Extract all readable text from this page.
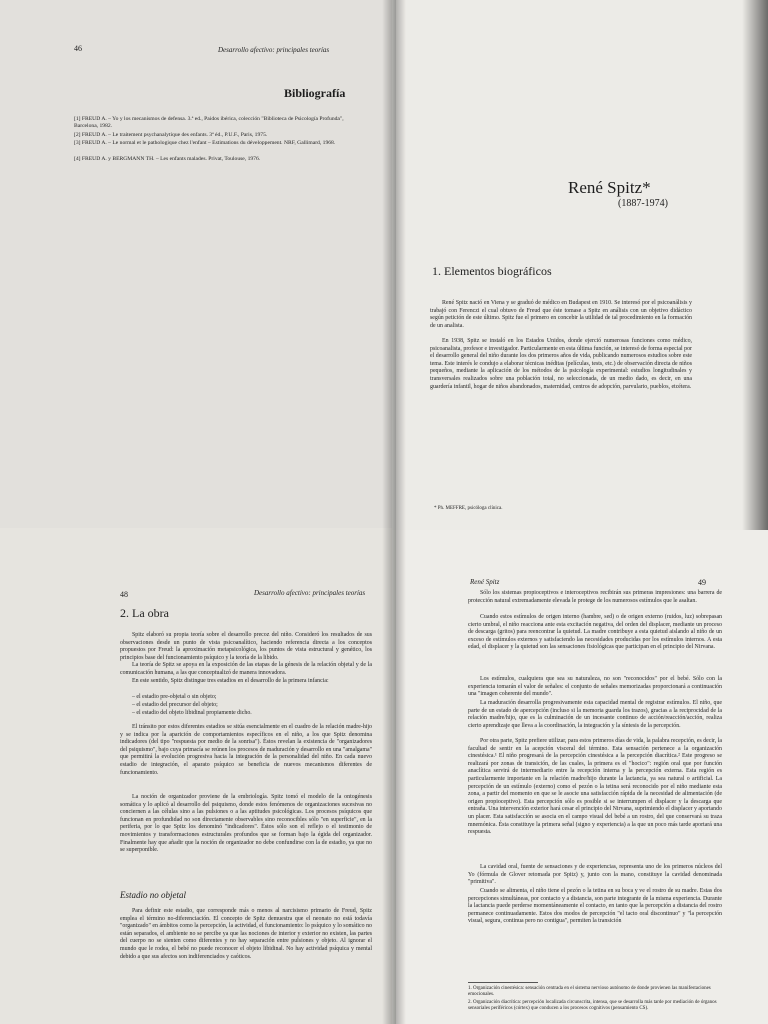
46	Desarrollo afectivo: principales teorías
Bibliografía
[1] FREUD A. – Yo y los mecanismos de defensa. 3.ª ed., Paidos ibérica, colección "Biblioteca de Psicología Profunda", Barcelona, 1982.
[2] FREUD A. – Le traitement psychanalytique des enfants. 3ª éd., P.U.F., Paris, 1975.
[3] FREUD A. – Le normal et le pathologique chez l'enfant – Estimations du développement. NRF, Gallimard, 1968.
[4] FREUD A. y BERGMANN TH. – Les enfants malades. Privat, Toulouse, 1976.
René Spitz*
(1887-1974)
1. Elementos biográficos

René Spitz nació en Viena y se graduó de médico en Budapest en 1910. Se interesó por el psicoanálisis y trabajó con Ferenczi el cual obtuvo de Freud que éste tomase a Spitz en análisis con un objetivo didáctico según petición de este último. Spitz fue el primero en concebir la utilidad de tal procedimiento en la formación de un analista.

En 1938, Spitz se instaló en los Estados Unidos, donde ejerció numerosas funciones como médico, psicoanalista, profesor e investigador. Particularmente en esta última función, se interesó de forma especial por el desarrollo general del niño durante los dos primeros años de vida, publicando numerosos estudios sobre este tema. Este interés le condujo a elaborar técnicas inéditas (películas, tests, etc.) de observación directa de niños pequeños, mediante la aplicación de los métodos de la psicología experimental: estudios longitudinales y transversales realizados sobre una población total, no seleccionada, de un medio dado, es decir, en una guardería infantil, hogar de niños abandonados, maternidad, centros de adopción, parvulario, pueblos, etcétera.

* Ph. MEFFRE, psicóloga clínica.
48	Desarrollo afectivo: principales teorías
2. La obra

Spitz elaboró su propia teoría sobre el desarrollo precoz del niño. Consideró los resultados de sus observaciones desde un punto de vista psicoanalítico, haciendo referencia directa a los conceptos propuestos por Freud: la aproximación metapsicológica, los puntos de vista estructural y genético, los principios base del funcionamiento psíquico y la teoría de la libido.

La teoría de Spitz se apoya en la exposición de las etapas de la génesis de la relación objetal y de la comunicación humana, a las que conceptualizó de manera innovadora.

En este sentido, Spitz distingue tres estadios en el desarrollo de la primera infancia:

– el estadio pre-objetal o sin objeto;
– el estadio del precursor del objeto;
– el estadio del objeto libidinal propiamente dicho.

El tránsito por estos diferentes estadios se sitúa esencialmente en el cuadro de la relación madre-hijo y se indica por la aparición de comportamientos específicos en el niño, a los que Spitz denomina indicadores (del tipo "respuesta por medio de la sonrisa"). Éstos revelan la existencia de "organizadores del psiquismo", bajo cuya primacía se reúnen los procesos de maduración y desarrollo en una "amalgama" que permitirá la evolución progresiva hacia la integración de la personalidad del niño. En cada nuevo estadio de integración, el aparato psíquico se beneficia de nuevos mecanismos diferentes de funcionamiento.

La noción de organizador proviene de la embriología. Spitz tomó el modelo de la ontogénesis somática y lo aplicó al desarrollo del psiquismo, donde estos fenómenos de organizaciones sucesivas no conciernen a las células sino a las pulsiones o a las aptitudes psicológicas. Los procesos psíquicos que funcionan en profundidad no son directamente observables sino reconocibles sólo "en superficie", en la periferia, por lo que Spitz los denominó "indicadores". Éstos sólo son el reflejo o el testimonio de movimientos y transformaciones estructurales profundos que se forman bajo la égida del organizador. Finalmente hay que añadir que la noción de organizador no debe confundirse con la de estadio, ya que no se superponible.

Estadio no objetal

Para definir este estadio, que corresponde más o menos al narcisismo primario de Freud, Spitz emplea el término no-diferenciación. El concepto de Spitz demuestra que el neonato no está todavía "organizado" en ámbitos como la percepción, la actividad, el funcionamiento: lo psíquico y lo somático no están separados, el ambiente no se percibe ya que las nociones de interior y exterior no existen, las partes del cuerpo no se sienten como diferentes y no hay separación entre pulsiones y objeto. Al ignorar el mundo que le rodea, el bebé no puede reconocer el objeto libidinal. No hay actividad psíquica y mental debido a que sus afectos son indiferenciados y caóticos.

René Spitz	49

Sólo los sistemas propioceptivos e interoceptivos recibirán sus primeras impresiones: una barrera de protección natural extremadamente elevada le protege de los numerosos estímulos que le asaltan.

Cuando estos estímulos de origen interno (hambre, sed) o de origen externo (ruidos, luz) sobrepasan cierto umbral, el niño reacciona ante esta excitación negativa, del orden del displacer, mediante un proceso de descarga (gritos) para reencontrar la quietud. La madre contribuye a esta quietud aislando al niño de un exceso de estímulos externos y satisfaciendo las necesidades producidas por los estímulos internos. A esta edad, el displacer y la quietud son las sensaciones fisiológicas que participan en el principio del Nirvana.

Los estímulos, cualquiera que sea su naturaleza, no son "reconocidos" por el bebé. Sólo con la experiencia tomarán el valor de señales: el conjunto de señales memorizadas proporcionará a continuación una "imagen coherente del mundo".

La maduración desarrolla progresivamente esta capacidad mental de registrar estímulos. El niño, que parte de un estado de apercepción (incluso si la memoria guarda los trazos), gracias a la reciprocidad de la relación madre/hijo, que es la culminación de un incesante continuo de acción/reacción/acción, realiza cierto aprendizaje que lleva a la coordinación, la integración y la síntesis de la percepción.

Por otra parte, Spitz prefiere utilizar, para estos primeros días de vida, la palabra recepción, es decir, la facultad de sentir en la acepción visceral del término. Esta sensación pertenece a la organización cinestésica.¹ El niño progresará de la percepción cinestésica a la percepción diacrítica.² Este progreso se realizará por zonas de transición, de las cuales, la primera es el "hocico": región oral que por función anaclítica servirá de intermediario entre la recepción interna y la percepción externa. Esta región es particularmente importante en la relación madre/hijo durante la lactancia, ya sea natural o artificial. La percepción de un estímulo (externo) como el pezón o la tetina será reconocido por el niño mediante esta zona, a partir del momento en que se le asocie una satisfacción rápida de la necesidad de alimentación (de origen propioceptivo). Esta percepción sólo es posible si se interrumpen el displacer y la descarga que entraña. Una intervención exterior hará cesar el principio del Nirvana, suprimiendo el displacer y aportando un placer. Esta satisfacción se asocia en el campo visual del bebé a un rostro, del que conservará su traza mnemónica. Ésta constituye la primera señal (signo y experiencia) a la que un poco más tarde aportará una respuesta.

La cavidad oral, fuente de sensaciones y de experiencias, representa uno de los primeros núcleos del Yo (fórmula de Glover retomada por Spitz) y, junto con la mano, constituye la cavidad denominada "primitiva".

Cuando se alimenta, el niño tiene el pezón o la tetina en su boca y ve el rostro de su madre. Estas dos percepciones simultáneas, por contacto y a distancia, son parte integrante de la misma experiencia. Durante la lactancia puede perderse momentáneamente el contacto, en tanto que la percepción a distancia del rostro permanece continuadamente. Estos dos modos de percepción "el tacto oral discontinuo" y "la percepción visual, segura, continua pero no contigua", permiten la transición

1. Organización cinestésica: sensación centrada en el sistema nervioso autónomo de donde provienen las manifestaciones emocionales.
2. Organización diacrítica: percepción localizada circunscrita, intensa, que se desarrolla más tarde por mediación de órganos sensoriales periféricos (córtex) que conducen a los procesos cognitivos (pensamiento CS).
